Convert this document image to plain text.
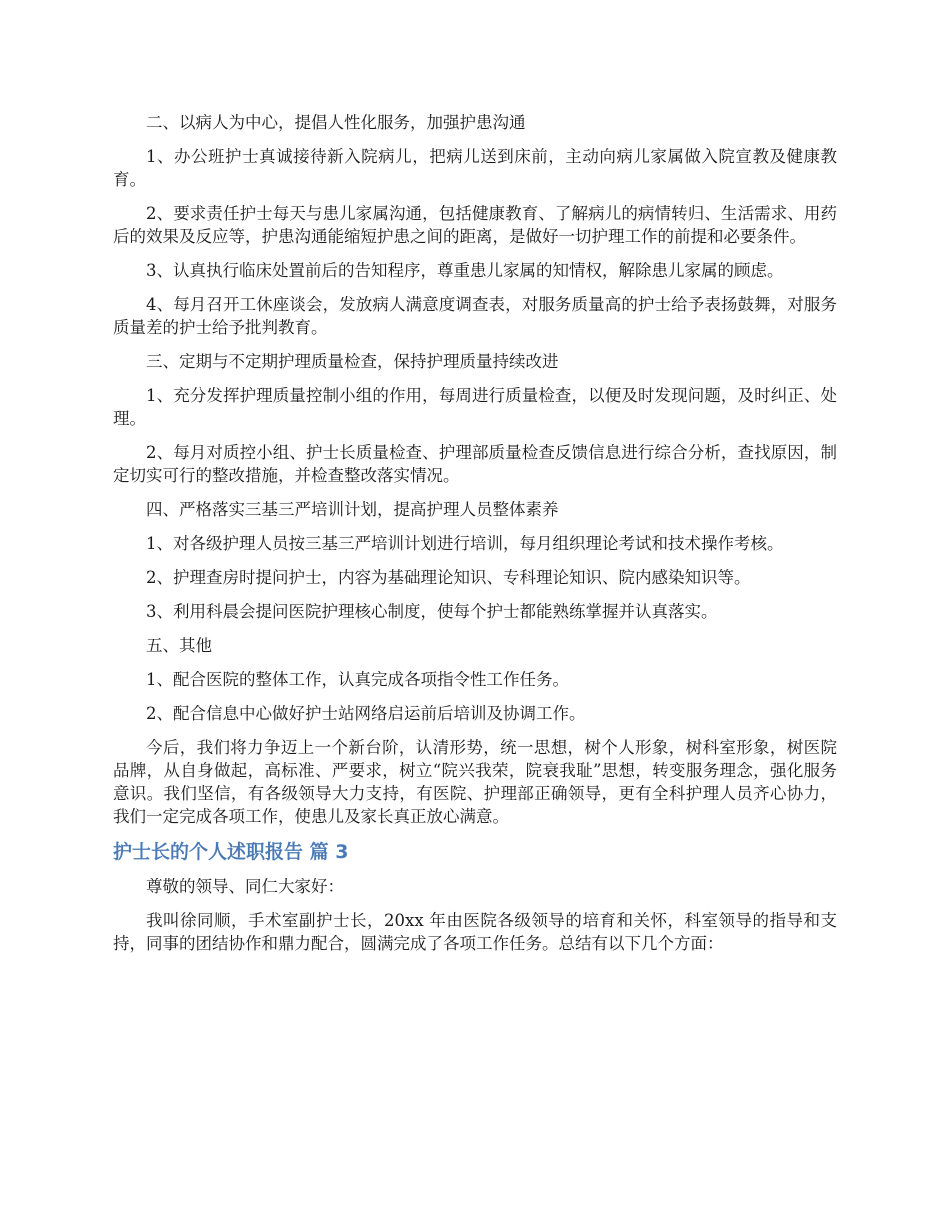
二、以病人为中心，提倡人性化服务，加强护患沟通

1、办公班护士真诚接待新入院病儿，把病儿送到床前，主动向病儿家属做入院宣教及健康教育。

2、要求责任护士每天与患儿家属沟通，包括健康教育、了解病儿的病情转归、生活需求、用药后的效果及反应等，护患沟通能缩短护患之间的距离，是做好一切护理工作的前提和必要条件。

3、认真执行临床处置前后的告知程序，尊重患儿家属的知情权，解除患儿家属的顾虑。

4、每月召开工休座谈会，发放病人满意度调查表，对服务质量高的护士给予表扬鼓舞，对服务质量差的护士给予批判教育。

三、定期与不定期护理质量检查，保持护理质量持续改进

1、充分发挥护理质量控制小组的作用，每周进行质量检查，以便及时发现问题，及时纠正、处理。

2、每月对质控小组、护士长质量检查、护理部质量检查反馈信息进行综合分析，查找原因，制定切实可行的整改措施，并检查整改落实情况。

四、严格落实三基三严培训计划，提高护理人员整体素养

1、对各级护理人员按三基三严培训计划进行培训，每月组织理论考试和技术操作考核。

2、护理查房时提问护士，内容为基础理论知识、专科理论知识、院内感染知识等。

3、利用科晨会提问医院护理核心制度，使每个护士都能熟练掌握并认真落实。

五、其他

1、配合医院的整体工作，认真完成各项指令性工作任务。

2、配合信息中心做好护士站网络启运前后培训及协调工作。

今后，我们将力争迈上一个新台阶，认清形势，统一思想，树个人形象，树科室形象，树医院品牌，从自身做起，高标准、严要求，树立“院兴我荣，院衰我耻”思想，转变服务理念，强化服务意识。我们坚信，有各级领导大力支持，有医院、护理部正确领导，更有全科护理人员齐心协力，我们一定完成各项工作，使患儿及家长真正放心满意。

护士长的个人述职报告 篇 3

尊敬的领导、同仁大家好：

我叫徐同顺，手术室副护士长，20xx 年由医院各级领导的培育和关怀，科室领导的指导和支持，同事的团结协作和鼎力配合，圆满完成了各项工作任务。总结有以下几个方面：
